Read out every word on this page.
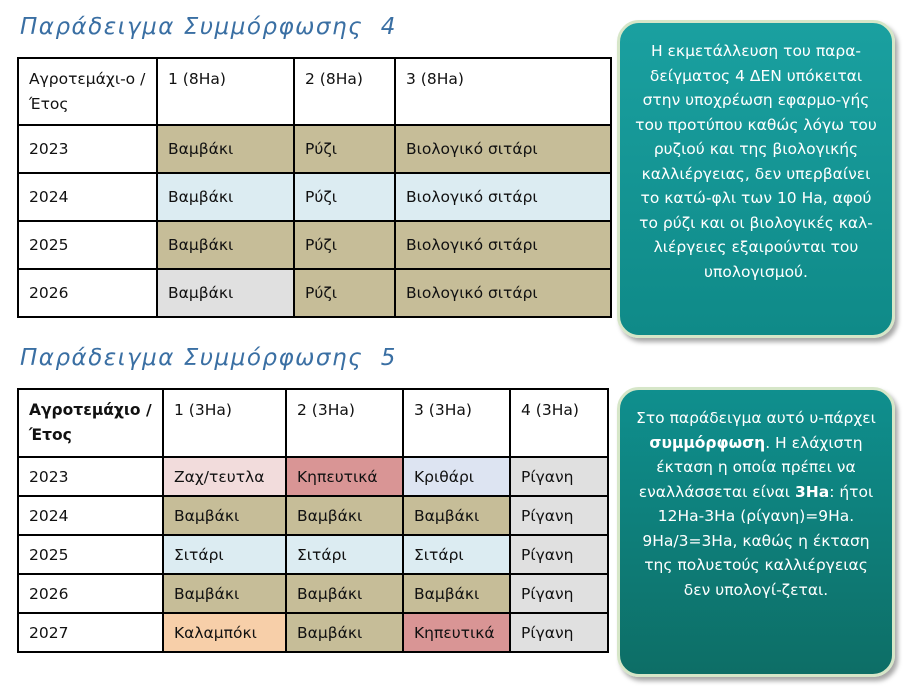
Παράδειγμα Συμμόρφωσης  4
Αγροτεμάχι-ο / Έτος	1 (8Ha)	2 (8Ha)	3 (8Ha)
2023	Βαμβάκι	Ρύζι	Βιολογικό σιτάρι
2024	Βαμβάκι	Ρύζι	Βιολογικό σιτάρι
2025	Βαμβάκι	Ρύζι	Βιολογικό σιτάρι
2026	Βαμβάκι	Ρύζι	Βιολογικό σιτάρι
Η εκμετάλλευση του παρα-δείγματος 4 ΔΕΝ υπόκειται στην υποχρέωση εφαρμο-γής του προτύπου καθώς λόγω του ρυζιού και της βιολογικής καλλιέργειας, δεν υπερβαίνει το κατώ-φλι των 10 Ha, αφού το ρύζι και οι βιολογικές καλ-λιέργειες εξαιρούνται του υπολογισμού.
Παράδειγμα Συμμόρφωσης  5
Αγροτεμάχιο / Έτος	1 (3Ha)	2 (3Ha)	3 (3Ha)	4 (3Ha)
2023	Ζαχ/τευτλα	Κηπευτικά	Κριθάρι	Ρίγανη
2024	Βαμβάκι	Βαμβάκι	Βαμβάκι	Ρίγανη
2025	Σιτάρι	Σιτάρι	Σιτάρι	Ρίγανη
2026	Βαμβάκι	Βαμβάκι	Βαμβάκι	Ρίγανη
2027	Καλαμπόκι	Βαμβάκι	Κηπευτικά	Ρίγανη
Στο παράδειγμα αυτό υ-πάρχει συμμόρφωση. Η ελάχιστη έκταση η οποία πρέπει να εναλλάσσεται είναι 3Ha: ήτοι 12Ha-3Ha (ρίγανη)=9Ha. 9Ha/3=3Ha, καθώς η έκταση της πολυετούς καλλιέργειας δεν υπολογί-ζεται.
